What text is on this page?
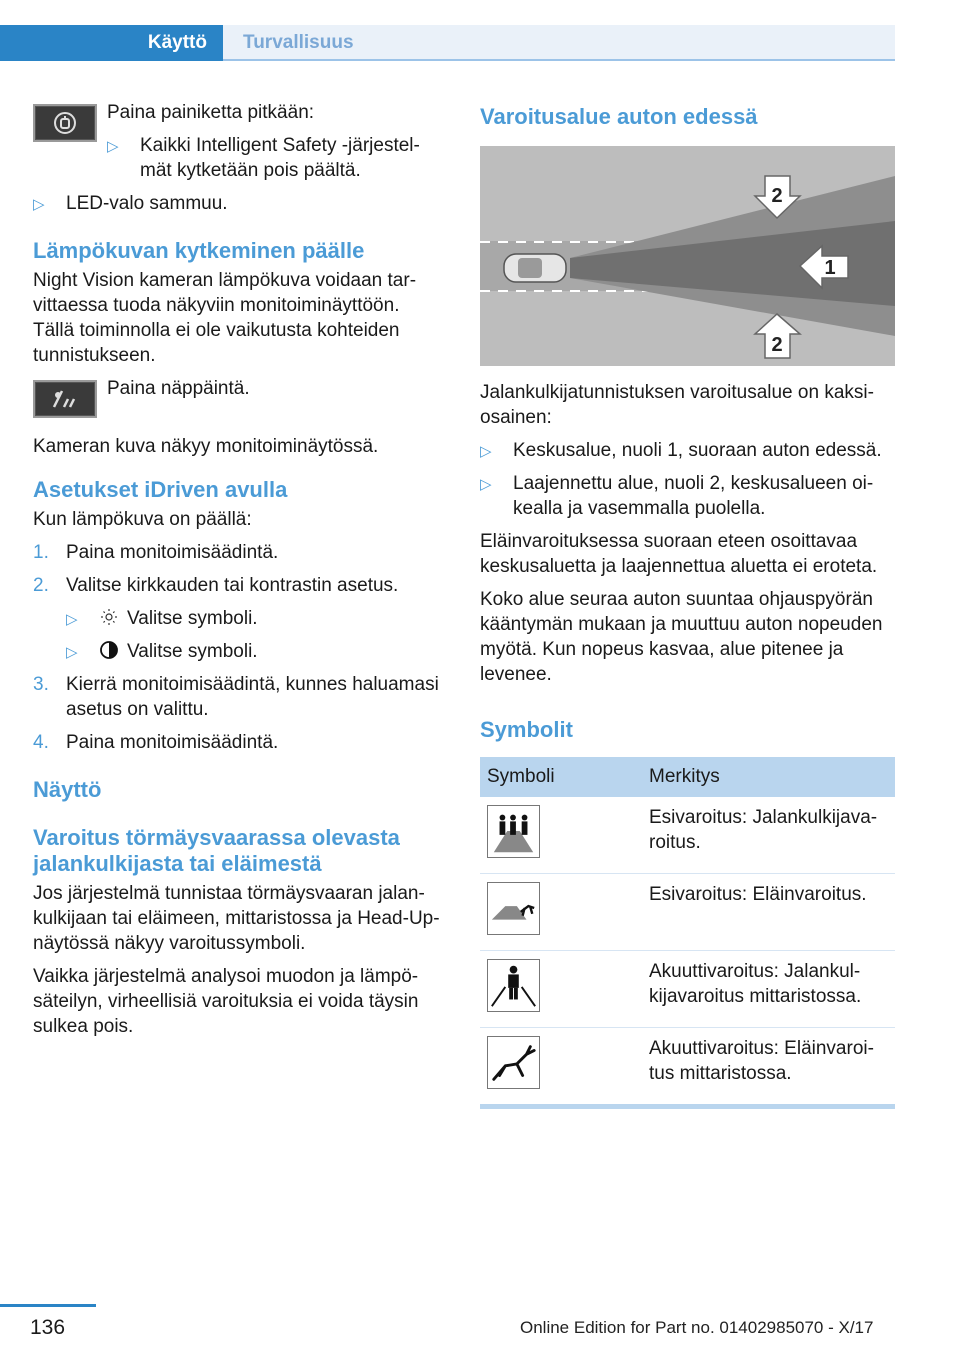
Käyttö Turvallisuus

Paina painiketta pitkään:

▷ Kaikki Intelligent Safety -järjestelmät kytketään pois päältä.
▷ LED-valo sammuu.
Lämpökuvan kytkeminen päälle

Night Vision kameran lämpökuva voidaan tarvittaessa tuoda näkyviin monitoiminäyttöön. Tällä toiminnolla ei ole vaikutusta kohteiden tunnistukseen.

Paina näppäintä.

Kameran kuva näkyy monitoiminäytössä.

Asetukset iDriven avulla

Kun lämpökuva on päällä:

1. Paina monitoimisäädintä.
2. Valitse kirkkauden tai kontrastin asetus.
▷	Valitse symboli.
▷	Valitse symboli.
3. Kierrä monitoimisäädintä, kunnes haluamasi asetus on valittu.
4. Paina monitoimisäädintä.
Näyttö
Varoitus törmäysvaarassa olevasta jalankulkijasta tai eläimestä

Jos järjestelmä tunnistaa törmäysvaaran jalankulkijaan tai eläimeen, mittaristossa ja Head-Up-näytössä näkyy varoitussymboli.

Vaikka järjestelmä analysoi muodon ja lämpösäteilyn, virheellisiä varoituksia ei voida täysin sulkea pois.

Varoitusalue auton edessä
2
1
2

Jalankulkijatunnistuksen varoitusalue on kaksiosainen:

▷ Keskusalue, nuoli 1, suoraan auton edessä.
▷ Laajennettu alue, nuoli 2, keskusalueen oikealla ja vasemmalla puolella.

Eläinvaroituksessa suoraan eteen osoittavaa keskusaluetta ja laajennettua aluetta ei eroteta.

Koko alue seuraa auton suuntaa ohjauspyörän kääntymän mukaan ja muuttuu auton nopeuden myötä. Kun nopeus kasvaa, alue pitenee ja levenee.

Symbolit
Symboli	Merkitys

	Esivaroitus: Jalankulkijavaroitus.

	Esivaroitus: Eläinvaroitus.

	Akuuttivaroitus: Jalankulkijavaroitus mittaristossa.

	Akuuttivaroitus: Eläinvaroitus mittaristossa.
136	Online Edition for Part no. 01402985070 - X/17
